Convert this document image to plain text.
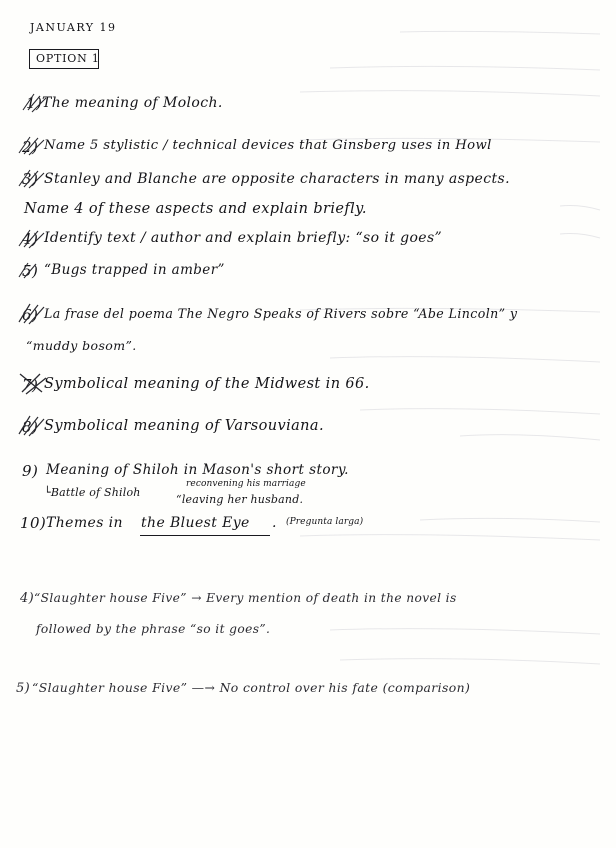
JANUARY 19
OPTION 1
1) The meaning of Moloch.
2) Name 5 stylistic / technical devices that Ginsberg uses in Howl
3) Stanley and Blanche are opposite characters in many aspects.
Name 4 of these aspects and explain briefly.
4) Identify text / author and explain briefly: “so it goes”
5) “Bugs trapped in amber”
6) La frase del poema The Negro Speaks of Rivers sobre “Abe Lincoln” y
“muddy bosom”.
7) Symbolical meaning of the Midwest in 66.
8) Symbolical meaning of Varsouviana.
9) Meaning of Shiloh in Mason's short story.
reconvening his marriage
└Battle of Shiloh
“leaving her husband.
10) Themes in the Bluest Eye . (Pregunta larga)
4) “Slaughter house Five” → Every mention of death in the novel is
followed by the phrase “so it goes”.
5) “Slaughter house Five” —→ No control over his fate (comparison)
